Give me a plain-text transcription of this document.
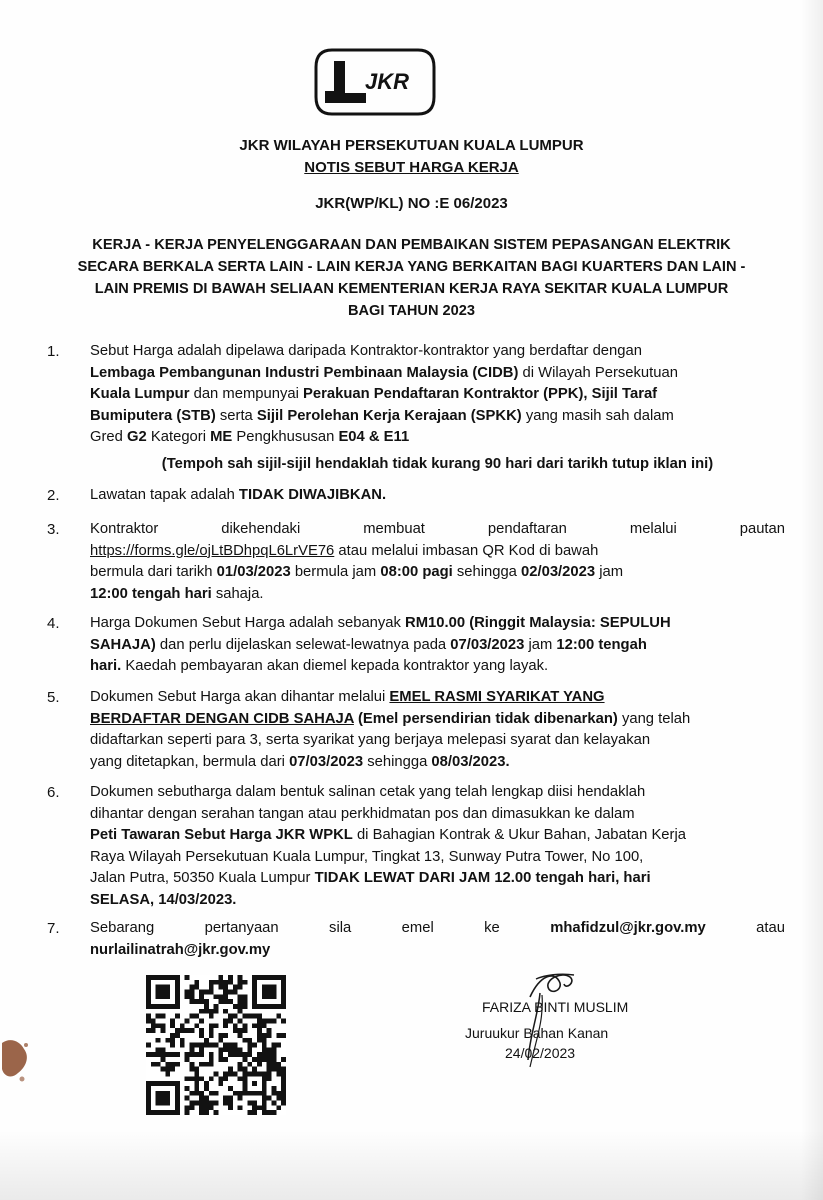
JKR
JKR WILAYAH PERSEKUTUAN KUALA LUMPUR
NOTIS SEBUT HARGA KERJA
JKR(WP/KL) NO :E 06/2023
KERJA - KERJA PENYELENGGARAAN DAN PEMBAIKAN SISTEM PEPASANGAN ELEKTRIK
SECARA BERKALA SERTA LAIN - LAIN KERJA YANG BERKAITAN BAGI KUARTERS DAN LAIN -
LAIN PREMIS DI BAWAH SELIAAN KEMENTERIAN KERJA RAYA SEKITAR KUALA LUMPUR
BAGI TAHUN 2023
1. Sebut Harga adalah dipelawa daripada Kontraktor-kontraktor yang berdaftar dengan
Lembaga Pembangunan Industri Pembinaan Malaysia (CIDB) di Wilayah Persekutuan
Kuala Lumpur dan mempunyai Perakuan Pendaftaran Kontraktor (PPK), Sijil Taraf
Bumiputera (STB) serta Sijil Perolehan Kerja Kerajaan (SPKK) yang masih sah dalam
Gred G2 Kategori ME Pengkhususan E04 & E11
(Tempoh sah sijil-sijil hendaklah tidak kurang 90 hari dari tarikh tutup iklan ini)
2. Lawatan tapak adalah TIDAK DIWAJIBKAN.
3. Kontraktor dikehendaki membuat pendaftaran melalui pautan
https://forms.gle/ojLtBDhpqL6LrVE76 atau melalui imbasan QR Kod di bawah
bermula dari tarikh 01/03/2023 bermula jam 08:00 pagi sehingga 02/03/2023 jam
12:00 tengah hari sahaja.
4. Harga Dokumen Sebut Harga adalah sebanyak RM10.00 (Ringgit Malaysia: SEPULUH
SAHAJA) dan perlu dijelaskan selewat-lewatnya pada 07/03/2023 jam 12:00 tengah
hari. Kaedah pembayaran akan diemel kepada kontraktor yang layak.
5. Dokumen Sebut Harga akan dihantar melalui EMEL RASMI SYARIKAT YANG
BERDAFTAR DENGAN CIDB SAHAJA (Emel persendirian tidak dibenarkan) yang telah
didaftarkan seperti para 3, serta syarikat yang berjaya melepasi syarat dan kelayakan
yang ditetapkan, bermula dari 07/03/2023 sehingga 08/03/2023.
6. Dokumen sebutharga dalam bentuk salinan cetak yang telah lengkap diisi hendaklah
dihantar dengan serahan tangan atau perkhidmatan pos dan dimasukkan ke dalam
Peti Tawaran Sebut Harga JKR WPKL di Bahagian Kontrak & Ukur Bahan, Jabatan Kerja
Raya Wilayah Persekutuan Kuala Lumpur, Tingkat 13, Sunway Putra Tower, No 100,
Jalan Putra, 50350 Kuala Lumpur TIDAK LEWAT DARI JAM 12.00 tengah hari, hari
SELASA, 14/03/2023.
7. Sebarang pertanyaan sila emel ke mhafidzul@jkr.gov.my atau
nurlailinatrah@jkr.gov.my
FARIZA BINTI MUSLIM
Juruukur Bahan Kanan
24/02/2023
